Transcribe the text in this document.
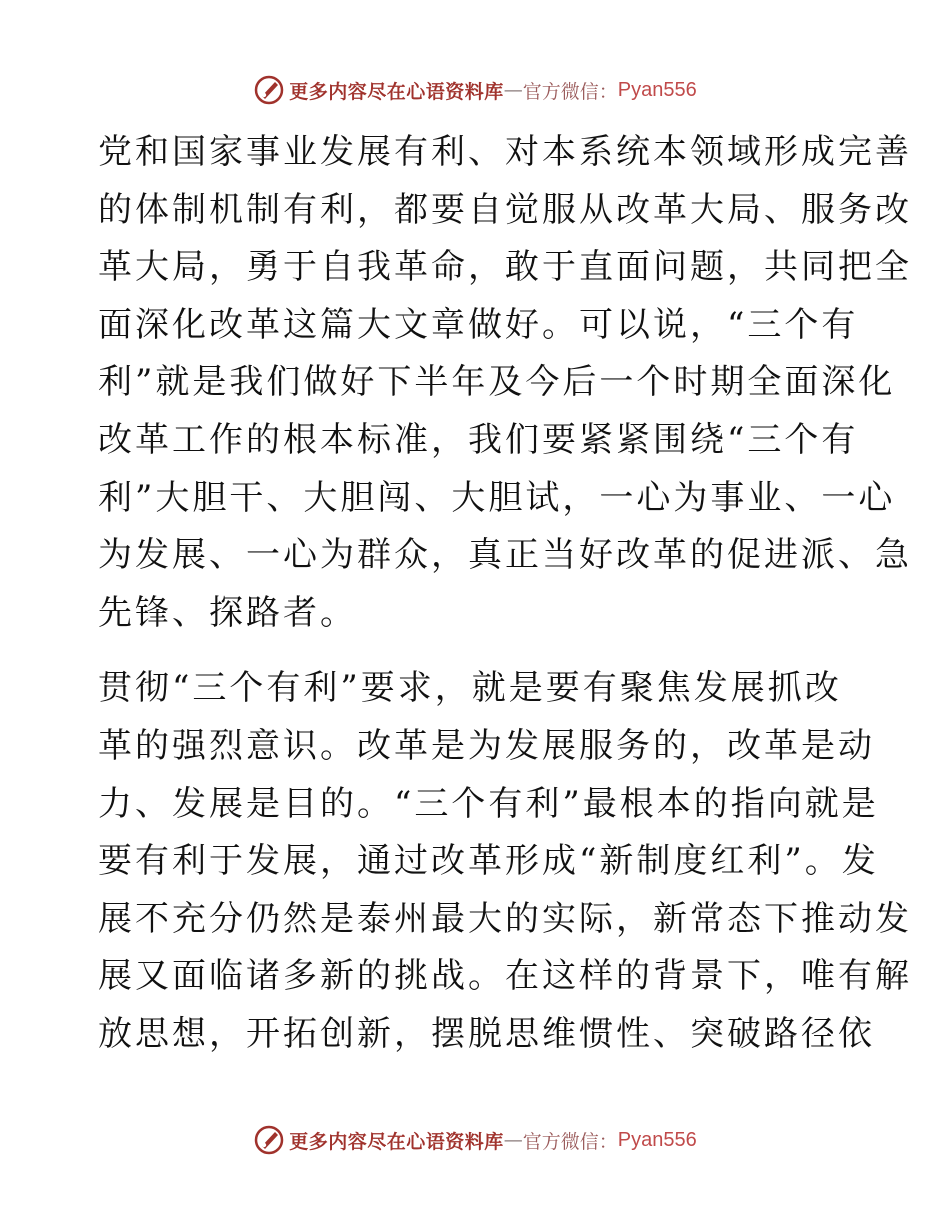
更多内容尽在心语资料库 — 官方微信： Pyan556

党和国家事业发展有利、对本系统本领域形成完善
的体制机制有利，都要自觉服从改革大局、服务改
革大局，勇于自我革命，敢于直面问题，共同把全
面深化改革这篇大文章做好。可以说，“三个有
利”就是我们做好下半年及今后一个时期全面深化
改革工作的根本标准，我们要紧紧围绕“三个有
利”大胆干、大胆闯、大胆试，一心为事业、一心
为发展、一心为群众，真正当好改革的促进派、急
先锋、探路者。

贯彻“三个有利”要求，就是要有聚焦发展抓改
革的强烈意识。改革是为发展服务的，改革是动
力、发展是目的。“三个有利”最根本的指向就是
要有利于发展，通过改革形成“新制度红利”。发
展不充分仍然是泰州最大的实际，新常态下推动发
展又面临诸多新的挑战。在这样的背景下，唯有解
放思想，开拓创新，摆脱思维惯性、突破路径依

更多内容尽在心语资料库 — 官方微信： Pyan556
